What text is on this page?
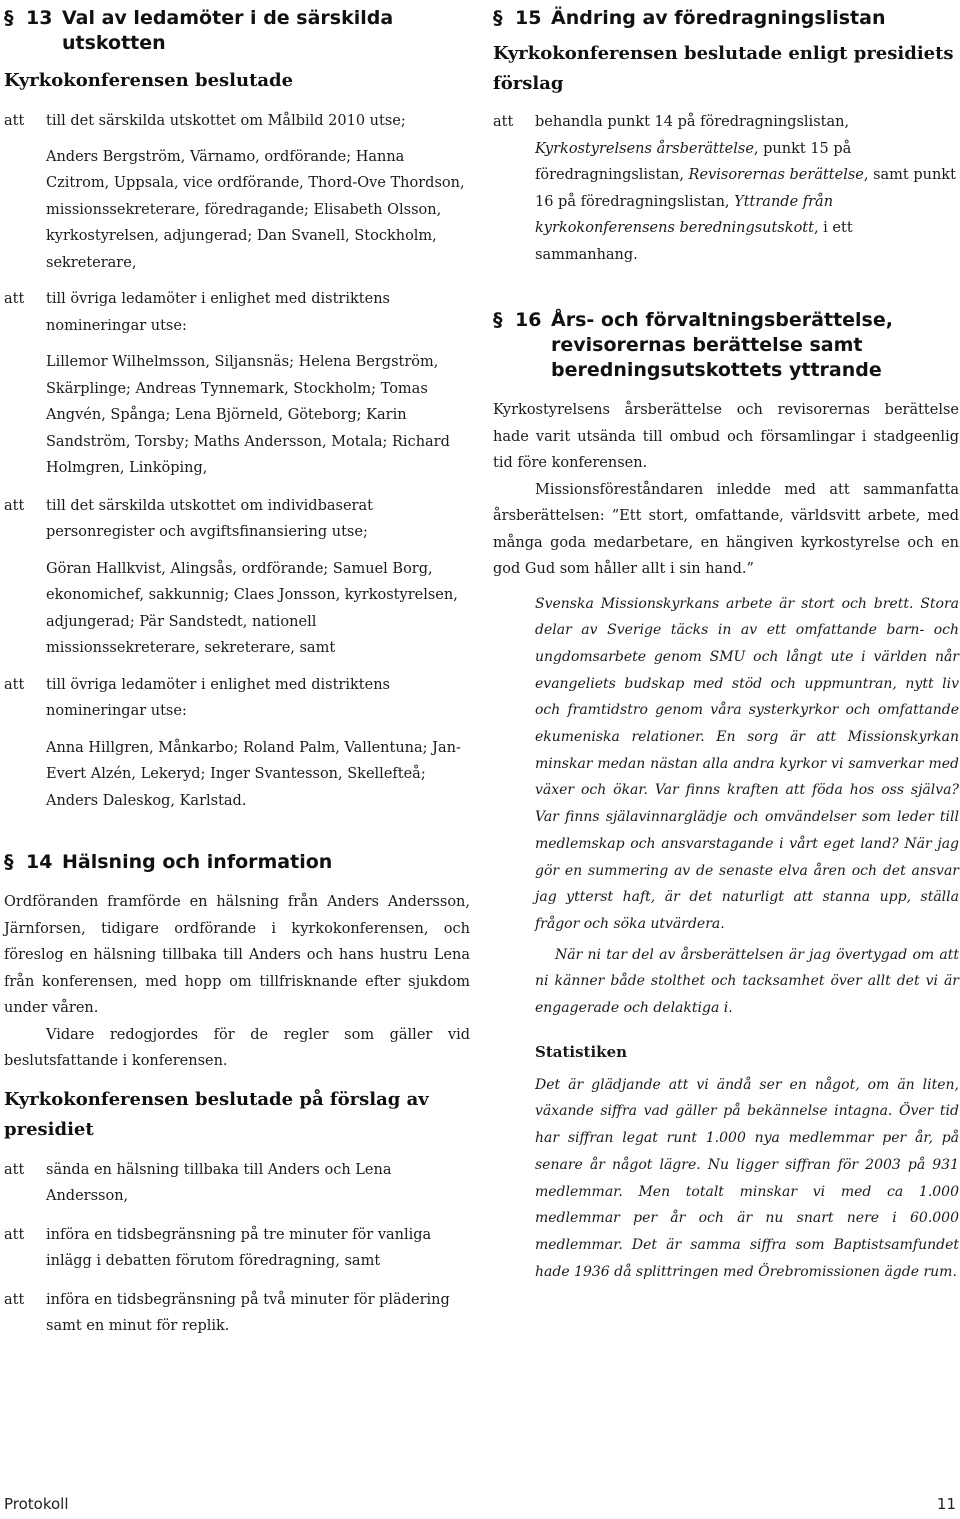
§ 13 Val av ledamöter i de särskilda utskotten
Kyrkokonferensen beslutade
att	till det särskilda utskottet om Målbild 2010 utse;
Anders Bergström, Värnamo, ordförande; Hanna Czitrom, Uppsala, vice ordförande, Thord-Ove Thordson, missionssekreterare, föredragande; Elisabeth Olsson, kyrkostyrelsen, adjungerad; Dan Svanell, Stockholm, sekreterare,
att	till övriga ledamöter i enlighet med distriktens nomineringar utse:
Lillemor Wilhelmsson, Siljansnäs; Helena Bergström, Skärplinge; Andreas Tynnemark, Stockholm; Tomas Angvén, Spånga; Lena Björneld, Göteborg; Karin Sandström, Torsby; Maths Andersson, Motala; Richard Holmgren, Linköping,
att	till det särskilda utskottet om individbaserat personregister och avgiftsfinansiering utse;
Göran Hallkvist, Alingsås, ordförande; Samuel Borg, ekonomichef, sakkunnig; Claes Jonsson, kyrkostyrelsen, adjungerad; Pär Sandstedt, nationell missionssekreterare, sekreterare, samt
att	till övriga ledamöter i enlighet med distriktens nomineringar utse:
Anna Hillgren, Månkarbo; Roland Palm, Vallentuna; Jan-Evert Alzén, Lekeryd; Inger Svantesson, Skellefteå; Anders Daleskog, Karlstad.
§ 14 Hälsning och information
Ordföranden framförde en hälsning från Anders Andersson, Järnforsen, tidigare ordförande i kyrkokonferensen, och föreslog en hälsning tillbaka till Anders och hans hustru Lena från konferensen, med hopp om tillfrisknande efter sjukdom under våren.
Vidare redogjordes för de regler som gäller vid beslutsfattande i konferensen.
Kyrkokonferensen beslutade på förslag av presidiet
att	sända en hälsning tillbaka till Anders och Lena Andersson,
att	införa en tidsbegränsning på tre minuter för vanliga inlägg i debatten förutom föredragning, samt
att	införa en tidsbegränsning på två minuter för plädering samt en minut för replik.
§ 15 Ändring av föredragningslistan
Kyrkokonferensen beslutade enligt presidiets förslag
att	behandla punkt 14 på föredragningslistan, Kyrkostyrelsens årsberättelse, punkt 15 på föredragningslistan, Revisorernas berättelse, samt punkt 16 på föredragningslistan, Yttrande från kyrkokonferensens beredningsutskott, i ett sammanhang.
§ 16 Års- och förvaltningsberättelse, revisorernas berättelse samt beredningsutskottets yttrande
Kyrkostyrelsens årsberättelse och revisorernas berättelse hade varit utsända till ombud och församlingar i stadgeenlig tid före konferensen.
Missionsföreståndaren inledde med att sammanfatta årsberättelsen: ”Ett stort, omfattande, världsvitt arbete, med många goda medarbetare, en hängiven kyrkostyrelse och en god Gud som håller allt i sin hand.”
Svenska Missionskyrkans arbete är stort och brett. Stora delar av Sverige täcks in av ett omfattande barn- och ungdomsarbete genom SMU och långt ute i världen når evangeliets budskap med stöd och uppmuntran, nytt liv och framtidstro genom våra systerkyrkor och omfattande ekumeniska relationer. En sorg är att Missionskyrkan minskar medan nästan alla andra kyrkor vi samverkar med växer och ökar. Var finns kraften att föda hos oss själva? Var finns själavinnarglädje och omvändelser som leder till medlemskap och ansvarstagande i vårt eget land? När jag gör en summering av de senaste elva åren och det ansvar jag ytterst haft, är det naturligt att stanna upp, ställa frågor och söka utvärdera.
När ni tar del av årsberättelsen är jag övertygad om att ni känner både stolthet och tacksamhet över allt det vi är engagerade och delaktiga i.
Statistiken
Det är glädjande att vi ändå ser en något, om än liten, växande siffra vad gäller på bekännelse intagna. Över tid har siffran legat runt 1.000 nya medlemmar per år, på senare år något lägre. Nu ligger siffran för 2003 på 931 medlemmar. Men totalt minskar vi med ca 1.000 medlemmar per år och är nu snart nere i 60.000 medlemmar. Det är samma siffra som Baptistsamfundet hade 1936 då splittringen med Örebromissionen ägde rum.
Protokoll	11
